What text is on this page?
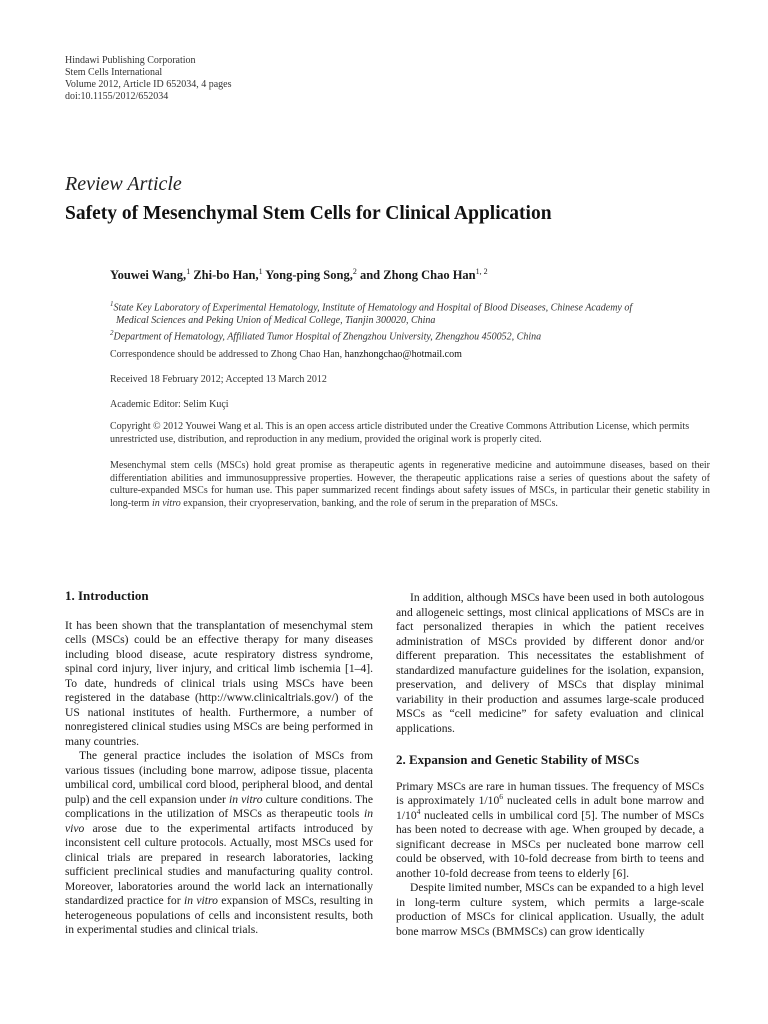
Hindawi Publishing Corporation
Stem Cells International
Volume 2012, Article ID 652034, 4 pages
doi:10.1155/2012/652034
Review Article
Safety of Mesenchymal Stem Cells for Clinical Application
Youwei Wang,$^1$ Zhi-bo Han,$^1$ Yong-ping Song,$^2$ and Zhong Chao Han$^{1, 2}$
$^1$State Key Laboratory of Experimental Hematology, Institute of Hematology and Hospital of Blood Diseases, Chinese Academy of
Medical Sciences and Peking Union of Medical College, Tianjin 300020, China
$^2$Department of Hematology, Affiliated Tumor Hospital of Zhengzhou University, Zhengzhou 450052, China
Correspondence should be addressed to Zhong Chao Han, hanzhongchao@hotmail.com
Received 18 February 2012; Accepted 13 March 2012
Academic Editor: Selim Kuçi
Copyright © 2012 Youwei Wang et al. This is an open access article distributed under the Creative Commons Attribution License, which permits unrestricted use, distribution, and reproduction in any medium, provided the original work is properly cited.
Mesenchymal stem cells (MSCs) hold great promise as therapeutic agents in regenerative medicine and autoimmune diseases, based on their differentiation abilities and immunosuppressive properties. However, the therapeutic applications raise a series of questions about the safety of culture-expanded MSCs for human use. This paper summarized recent findings about safety issues of MSCs, in particular their genetic stability in long-term in vitro expansion, their cryopreservation, banking, and the role of serum in the preparation of MSCs.
1. Introduction

It has been shown that the transplantation of mesenchymal stem cells (MSCs) could be an effective therapy for many diseases including blood disease, acute respiratory distress syndrome, spinal cord injury, liver injury, and critical limb ischemia [1–4]. To date, hundreds of clinical trials using MSCs have been registered in the database (http://www.clinicaltrials.gov/) of the US national institutes of health. Furthermore, a number of nonregistered clinical studies using MSCs are being performed in many countries.

The general practice includes the isolation of MSCs from various tissues (including bone marrow, adipose tissue, placenta umbilical cord, umbilical cord blood, peripheral blood, and dental pulp) and the cell expansion under in vitro culture conditions. The complications in the utilization of MSCs as therapeutic tools in vivo arose due to the experimental artifacts introduced by inconsistent cell culture protocols. Actually, most MSCs used for clinical trials are prepared in research laboratories, lacking sufficient preclinical studies and manufacturing quality control. Moreover, laboratories around the world lack an internationally standardized practice for in vitro expansion of MSCs, resulting in heterogeneous populations of cells and inconsistent results, both in experimental studies and clinical trials.

In addition, although MSCs have been used in both autologous and allogeneic settings, most clinical applications of MSCs are in fact personalized therapies in which the patient receives administration of MSCs provided by different donor and/or different preparation. This necessitates the establishment of standardized manufacture guidelines for the isolation, expansion, preservation, and delivery of MSCs that display minimal variability in their production and assumes large-scale produced MSCs as “cell medicine” for safety evaluation and clinical applications.

2. Expansion and Genetic Stability of MSCs

Primary MSCs are rare in human tissues. The frequency of MSCs is approximately $1/10^6$ nucleated cells in adult bone marrow and $1/10^4$ nucleated cells in umbilical cord [5]. The number of MSCs has been noted to decrease with age. When grouped by decade, a significant decrease in MSCs per nucleated bone marrow cell could be observed, with 10-fold decrease from birth to teens and another 10-fold decrease from teens to elderly [6].

Despite limited number, MSCs can be expanded to a high level in long-term culture system, which permits a large-scale production of MSCs for clinical application. Usually, the adult bone marrow MSCs (BMMSCs) can grow identically
